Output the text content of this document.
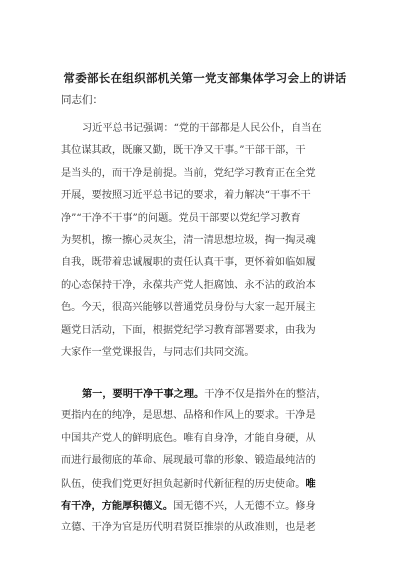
常委部长在组织部机关第一党支部集体学习会上的讲话
同志们：
习近平总书记强调：“党的干部都是人民公仆，自当在
其位谋其政，既廉又勤，既干净又干事。”干部干部，干
是当头的，而干净是前提。当前，党纪学习教育正在全党
开展，要按照习近平总书记的要求，着力解决“干事不干
净”“干净不干事”的问题。党员干部要以党纪学习教育
为契机，擦一擦心灵灰尘，清一清思想垃圾，掏一掏灵魂
自我，既带着忠诚履职的责任认真干事，更怀着如临如履
的心态保持干净，永葆共产党人拒腐蚀、永不沾的政治本
色。今天，很高兴能够以普通党员身份与大家一起开展主
题党日活动，下面，根据党纪学习教育部署要求，由我为
大家作一堂党课报告，与同志们共同交流。
第一，要明干净干事之理。干净不仅是指外在的整洁，
更指内在的纯净，是思想、品格和作风上的要求。干净是
中国共产党人的鲜明底色。唯有自身净，才能自身硬，从
而进行最彻底的革命、展现最可靠的形象、锻造最纯洁的
队伍，使我们党更好担负起新时代新征程的历史使命。唯
有干净，方能厚积德义。国无德不兴，人无德不立。修身
立德、干净为官是历代明君贤臣推崇的从政准则，也是老
